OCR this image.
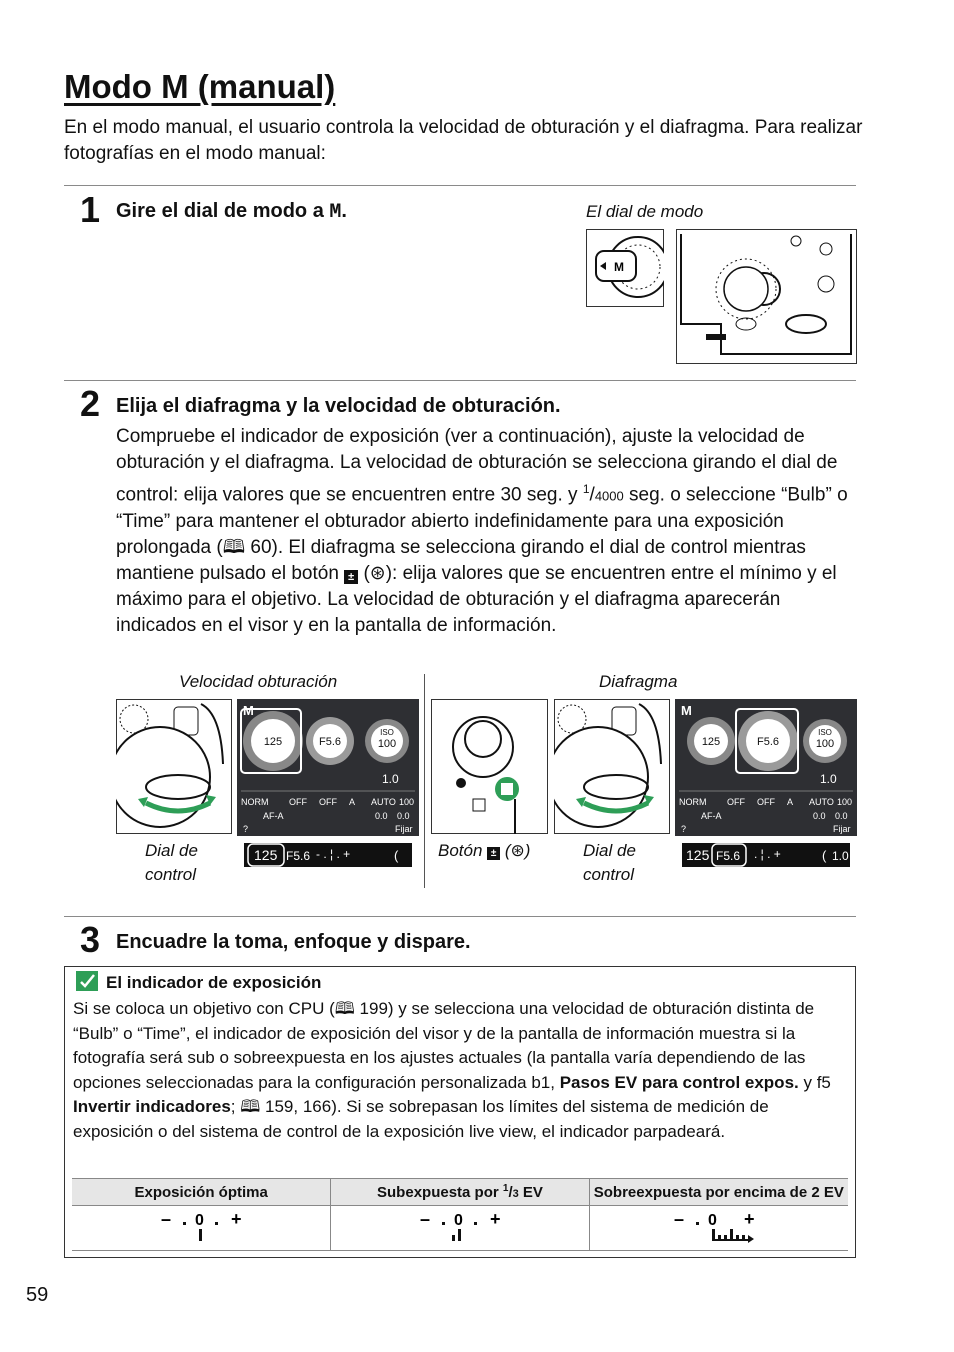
Modo M (manual)
En el modo manual, el usuario controla la velocidad de obturación y el diafragma. Para realizar fotografías en el modo manual:
1 Gire el dial de modo a M.	El dial de modo
M
2 Elija el diafragma y la velocidad de obturación.
Compruebe el indicador de exposición (ver a continuación), ajuste la velocidad de obturación y el diafragma. La velocidad de obturación se selecciona girando el dial de control: elija valores que se encuentren entre 30 seg. y $^1$/4000 seg. o seleccione “Bulb” o “Time” para mantener el obturador abierto indefinidamente para una exposición prolongada (🕮 60). El diafragma se selecciona girando el dial de control mientras mantiene pulsado el botón ± (⊛): elija valores que se encuentren entre el mínimo y el máximo para el objetivo. La velocidad de obturación y el diafragma aparecerán indicados en el visor y en la pantalla de información.
Velocidad obturación	Diafragma
M
125	F5.6
ISO
100
1.0
NORM OFF OFF A AUTO 100
AF-A	0.0 0.0
?	Fijar
M
125	F5.6
ISO
100
1.0
NORM OFF OFF A AUTO 100
AF-A	0.0 0.0
?	Fijar
125 F5.6 - . ¦ . +	(	125 F5.6 . ¦ . +	( 1.0
Dial de
control
Botón ± (⊛)	Dial de
control
3 Encuadre la toma, enfoque y dispare.
El indicador de exposición
Si se coloca un objetivo con CPU (🕮 199) y se selecciona una velocidad de obturación distinta de “Bulb” o “Time”, el indicador de exposición del visor y de la pantalla de información muestra si la fotografía será sub o sobreexpuesta en los ajustes actuales (la pantalla varía dependiendo de las opciones seleccionadas para la configuración personalizada b1, Pasos EV para control expos. y f5 Invertir indicadores; 🕮 159, 166). Si se sobrepasan los límites del sistema de medición de exposición o del sistema de control de la exposición live view, el indicador parpadeará.
Exposición óptima	Subexpuesta por $^1$/3 EV	Sobreexpuesta por encima de 2 EV

– 0 +	– 0 +	– 0 +
59
